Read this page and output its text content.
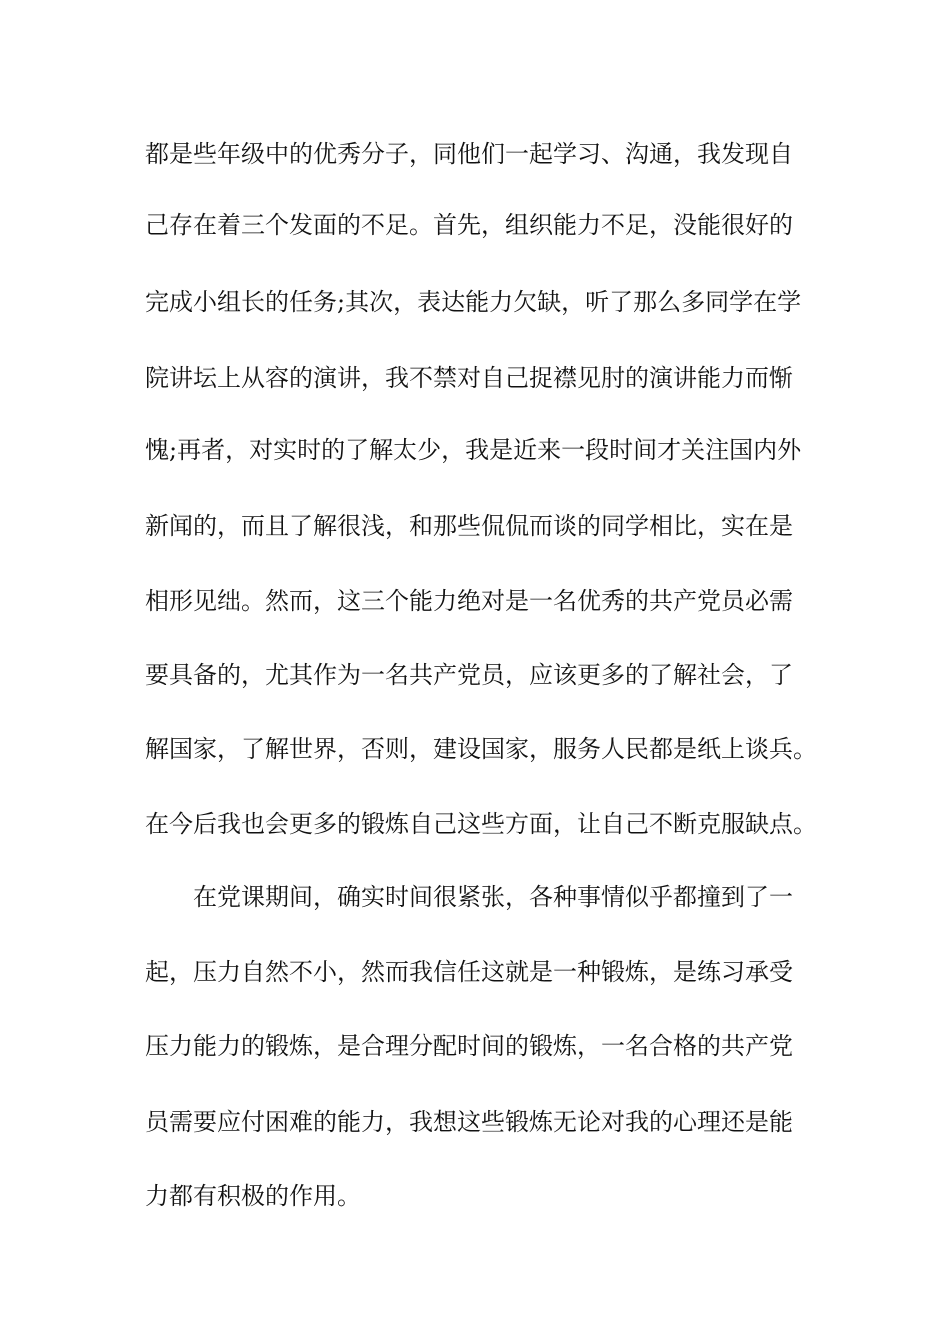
都是些年级中的优秀分子，同他们一起学习、沟通，我发现自
己存在着三个发面的不足。首先，组织能力不足，没能很好的
完成小组长的任务;其次，表达能力欠缺，听了那么多同学在学
院讲坛上从容的演讲，我不禁对自己捉襟见肘的演讲能力而惭
愧;再者，对实时的了解太少，我是近来一段时间才关注国内外
新闻的，而且了解很浅，和那些侃侃而谈的同学相比，实在是
相形见绌。然而，这三个能力绝对是一名优秀的共产党员必需
要具备的，尤其作为一名共产党员，应该更多的了解社会，了
解国家，了解世界，否则，建设国家，服务人民都是纸上谈兵。
在今后我也会更多的锻炼自己这些方面，让自己不断克服缺点。
在党课期间，确实时间很紧张，各种事情似乎都撞到了一
起，压力自然不小，然而我信任这就是一种锻炼，是练习承受
压力能力的锻炼，是合理分配时间的锻炼，一名合格的共产党
员需要应付困难的能力，我想这些锻炼无论对我的心理还是能
力都有积极的作用。
